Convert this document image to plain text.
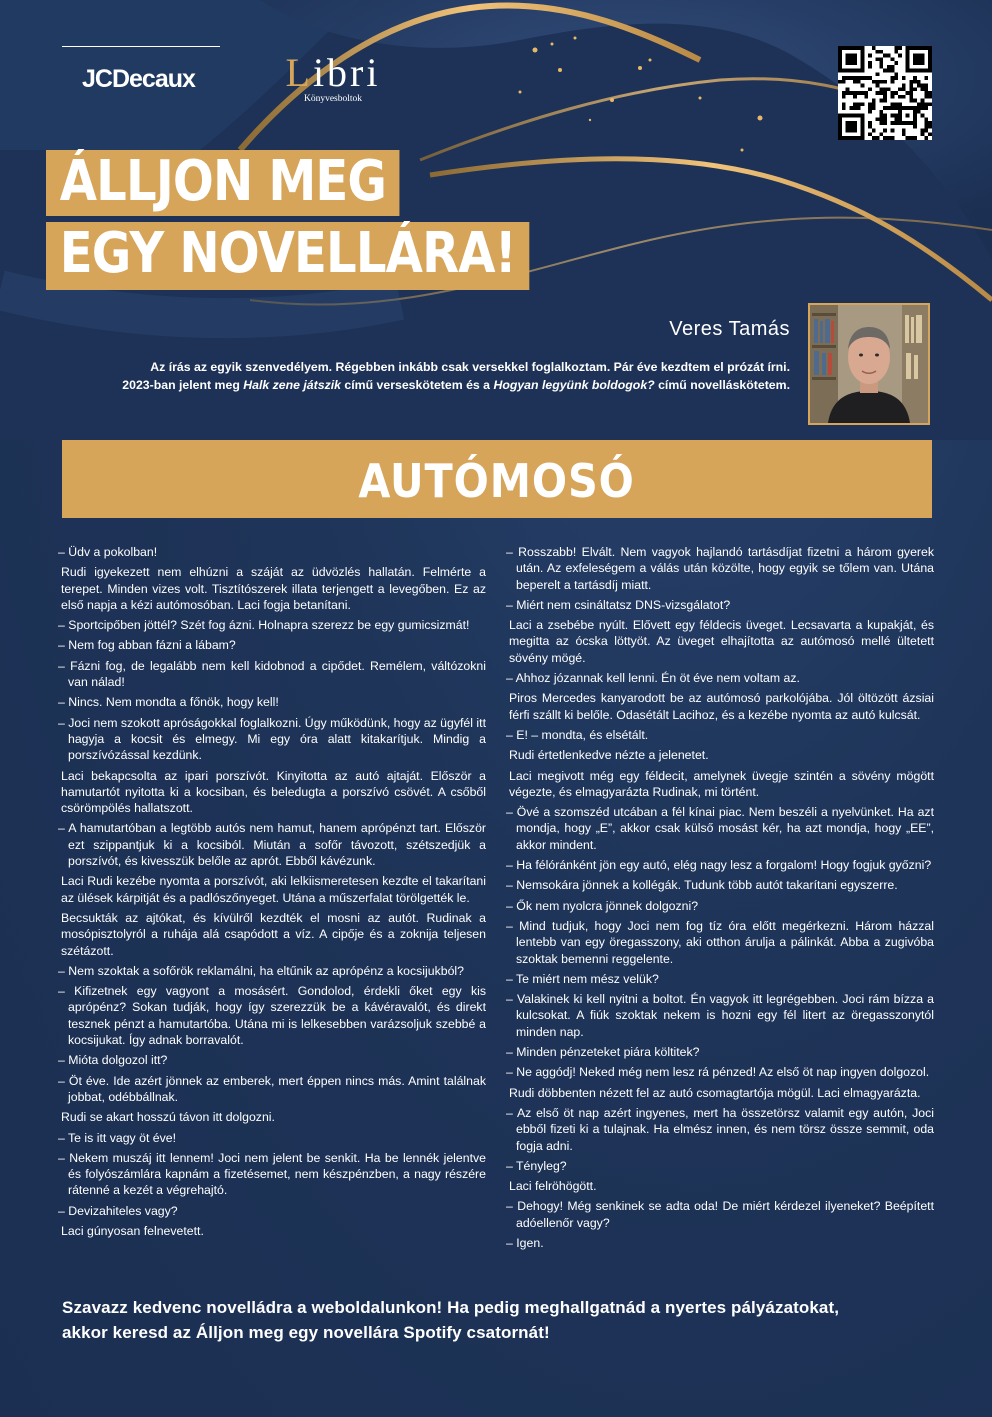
JCDecaux Libri
Könyvesboltok
ÁLLJON MEG
EGY NOVELLÁRA!
Veres Tamás
Az írás az egyik szenvedélyem. Régebben inkább csak versekkel foglalkoztam. Pár éve kezdtem el prózát írni.
2023-ban jelent meg Halk zene játszik című verseskötetem és a Hogyan legyünk boldogok? című novelláskötetem.
AUTÓMOSÓ

– Üdv a pokolban!

Rudi igyekezett nem elhúzni a száját az üdvözlés hallatán. Felmérte a terepet. Minden vizes volt. Tisztítószerek illata terjengett a levegőben. Ez az első napja a kézi autómosóban. Laci fogja betanítani.

– Sportcipőben jöttél? Szét fog ázni. Holnapra szerezz be egy gumicsizmát!

– Nem fog abban fázni a lábam?

– Fázni fog, de legalább nem kell kidobnod a cipődet. Remélem, váltózokni van nálad!

– Nincs. Nem mondta a főnök, hogy kell!

– Joci nem szokott apróságokkal foglalkozni. Úgy működünk, hogy az ügyfél itt hagyja a kocsit és elmegy. Mi egy óra alatt kitakarítjuk. Mindig a porszívózással kezdünk.

Laci bekapcsolta az ipari porszívót. Kinyitotta az autó ajtaját. Először a hamutartót nyitotta ki a kocsiban, és beledugta a porszívó csövét. A csőből csörömpölés hallatszott.

– A hamutartóban a legtöbb autós nem hamut, hanem aprópénzt tart. Először ezt szippantjuk ki a kocsiból. Miután a sofőr távozott, szétszedjük a porszívót, és kivesszük belőle az aprót. Ebből kávézunk.

Laci Rudi kezébe nyomta a porszívót, aki lelkiismeretesen kezdte el takarítani az ülések kárpitját és a padlószőnyeget. Utána a műszerfalat törölgették le.

Becsukták az ajtókat, és kívülről kezdték el mosni az autót. Rudinak a mosópisztolyról a ruhája alá csapódott a víz. A cipője és a zoknija teljesen szétázott.

– Nem szoktak a sofőrök reklamálni, ha eltűnik az aprópénz a kocsijukból?

– Kifizetnek egy vagyont a mosásért. Gondolod, érdekli őket egy kis aprópénz? Sokan tudják, hogy így szerezzük be a kávéravalót, és direkt tesznek pénzt a hamutartóba. Utána mi is lelkesebben varázsoljuk szebbé a kocsijukat. Így adnak borravalót.

– Mióta dolgozol itt?

– Öt éve. Ide azért jönnek az emberek, mert éppen nincs más. Amint találnak jobbat, odébbállnak.

Rudi se akart hosszú távon itt dolgozni.

– Te is itt vagy öt éve!

– Nekem muszáj itt lennem! Joci nem jelent be senkit. Ha be lennék jelentve és folyószámlára kapnám a fizetésemet, nem készpénzben, a nagy részére rátenné a kezét a végrehajtó.

– Devizahiteles vagy?

Laci gúnyosan felnevetett.

– Rosszabb! Elvált. Nem vagyok hajlandó tartásdíjat fizetni a három gyerek után. Az exfeleségem a válás után közölte, hogy egyik se tőlem van. Utána beperelt a tartásdíj miatt.

– Miért nem csináltatsz DNS-vizsgálatot?

Laci a zsebébe nyúlt. Elővett egy féldecis üveget. Lecsavarta a kupakját, és megitta az ócska löttyöt. Az üveget elhajította az autómosó mellé ültetett sövény mögé.

– Ahhoz józannak kell lenni. Én öt éve nem voltam az.

Piros Mercedes kanyarodott be az autómosó parkolójába. Jól öltözött ázsiai férfi szállt ki belőle. Odasétált Lacihoz, és a kezébe nyomta az autó kulcsát.

– E! – mondta, és elsétált.

Rudi értetlenkedve nézte a jelenetet.

Laci megivott még egy féldecit, amelynek üvegje szintén a sövény mögött végezte, és elmagyarázta Rudinak, mi történt.

– Övé a szomszéd utcában a fél kínai piac. Nem beszéli a nyelvünket. Ha azt mondja, hogy „E”, akkor csak külső mosást kér, ha azt mondja, hogy „EE”, akkor mindent.

– Ha félóránként jön egy autó, elég nagy lesz a forgalom! Hogy fogjuk győzni?

– Nemsokára jönnek a kollégák. Tudunk több autót takarítani egyszerre.

– Ők nem nyolcra jönnek dolgozni?

– Mind tudjuk, hogy Joci nem fog tíz óra előtt megérkezni. Három házzal lentebb van egy öregasszony, aki otthon árulja a pálinkát. Abba a zugivóba szoktak bemenni reggelente.

– Te miért nem mész velük?

– Valakinek ki kell nyitni a boltot. Én vagyok itt legrégebben. Joci rám bízza a kulcsokat. A fiúk szoktak nekem is hozni egy fél litert az öregasszonytól minden nap.

– Minden pénzeteket piára költitek?

– Ne aggódj! Neked még nem lesz rá pénzed! Az első öt nap ingyen dolgozol.

Rudi döbbenten nézett fel az autó csomagtartója mögül. Laci elmagyarázta.

– Az első öt nap azért ingyenes, mert ha összetörsz valamit egy autón, Joci ebből fizeti ki a tulajnak. Ha elmész innen, és nem törsz össze semmit, oda fogja adni.

– Tényleg?

Laci felröhögött.

– Dehogy! Még senkinek se adta oda! De miért kérdezel ilyeneket? Beépített adóellenőr vagy?

– Igen.

Szavazz kedvenc novelládra a weboldalunkon! Ha pedig meghallgatnád a nyertes pályázatokat,
akkor keresd az Álljon meg egy novellára Spotify csatornát!
